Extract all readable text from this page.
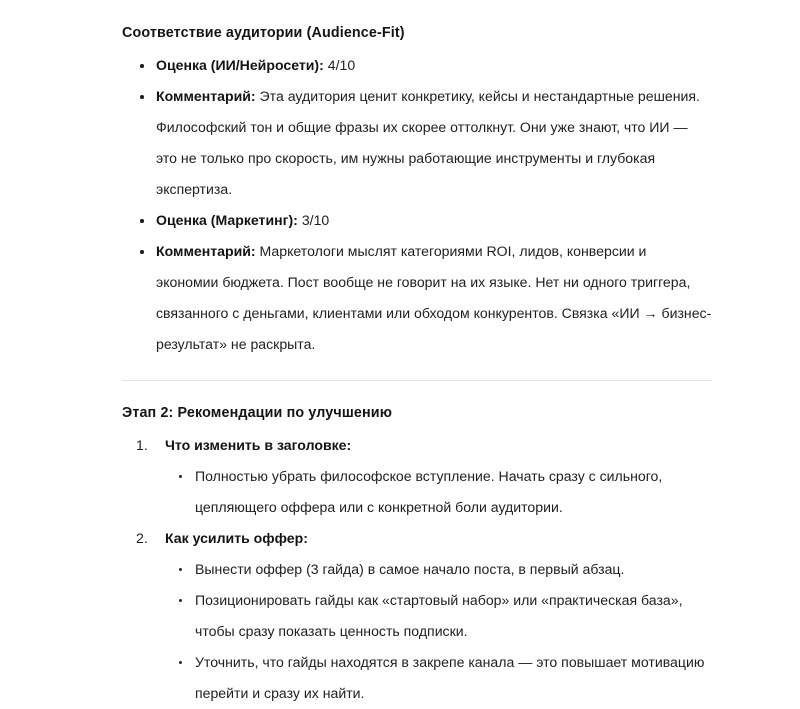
Соответствие аудитории (Audience-Fit)
Оценка (ИИ/Нейросети): 4/10
Комментарий: Эта аудитория ценит конкретику, кейсы и нестандартные решения. Философский тон и общие фразы их скорее оттолкнут. Они уже знают, что ИИ — это не только про скорость, им нужны работающие инструменты и глубокая экспертиза.
Оценка (Маркетинг): 3/10
Комментарий: Маркетологи мыслят категориями ROI, лидов, конверсии и экономии бюджета. Пост вообще не говорит на их языке. Нет ни одного триггера, связанного с деньгами, клиентами или обходом конкурентов. Связка «ИИ → бизнес-результат» не раскрыта.
Этап 2: Рекомендации по улучшению
Что изменить в заголовке:
Полностью убрать философское вступление. Начать сразу с сильного, цепляющего оффера или с конкретной боли аудитории.
Как усилить оффер:
Вынести оффер (3 гайда) в самое начало поста, в первый абзац.
Позиционировать гайды как «стартовый набор» или «практическая база», чтобы сразу показать ценность подписки.
Уточнить, что гайды находятся в закрепе канала — это повышает мотивацию перейти и сразу их найти.
